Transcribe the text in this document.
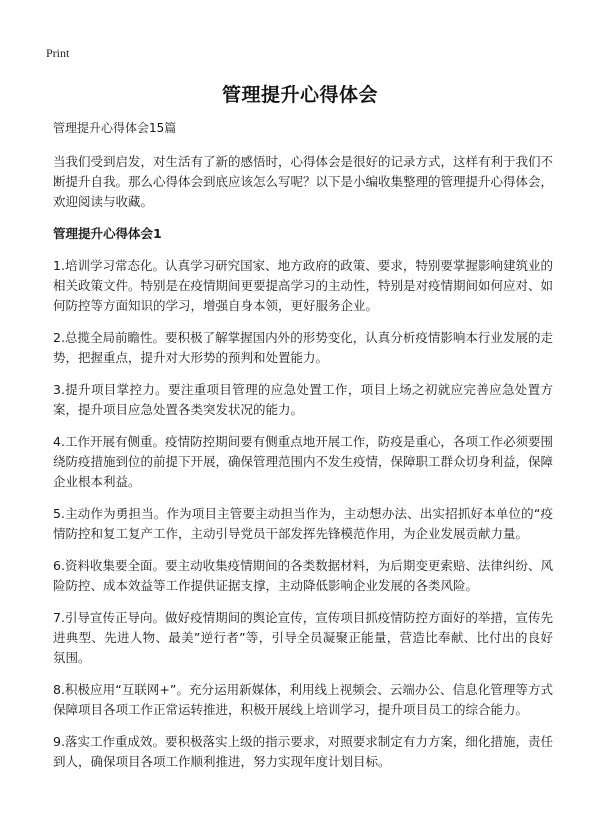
Print
管理提升心得体会

管理提升心得体会15篇

当我们受到启发，对生活有了新的感悟时，心得体会是很好的记录方式，这样有利于我们不断提升自我。那么心得体会到底应该怎么写呢？以下是小编收集整理的管理提升心得体会，欢迎阅读与收藏。

管理提升心得体会1

1.培训学习常态化。认真学习研究国家、地方政府的政策、要求，特别要掌握影响建筑业的相关政策文件。特别是在疫情期间更要提高学习的主动性，特别是对疫情期间如何应对、如何防控等方面知识的学习，增强自身本领，更好服务企业。

2.总揽全局前瞻性。要积极了解掌握国内外的形势变化，认真分析疫情影响本行业发展的走势，把握重点，提升对大形势的预判和处置能力。

3.提升项目掌控力。要注重项目管理的应急处置工作，项目上场之初就应完善应急处置方案，提升项目应急处置各类突发状况的能力。

4.工作开展有侧重。疫情防控期间要有侧重点地开展工作，防疫是重心，各项工作必须要围绕防疫措施到位的前提下开展，确保管理范围内不发生疫情，保障职工群众切身利益，保障企业根本利益。

5.主动作为勇担当。作为项目主管要主动担当作为，主动想办法、出实招抓好本单位的“疫情防控和复工复产工作，主动引导党员干部发挥先锋模范作用，为企业发展贡献力量。

6.资料收集要全面。要主动收集疫情期间的各类数据材料，为后期变更索赔、法律纠纷、风险防控、成本效益等工作提供证据支撑，主动降低影响企业发展的各类风险。

7.引导宣传正导向。做好疫情期间的舆论宣传，宣传项目抓疫情防控方面好的举措，宣传先进典型、先进人物、最美”逆行者”等，引导全员凝聚正能量，营造比奉献、比付出的良好氛围。

8.积极应用“互联网+”。充分运用新媒体，利用线上视频会、云端办公、信息化管理等方式保障项目各项工作正常运转推进，积极开展线上培训学习，提升项目员工的综合能力。

9.落实工作重成效。要积极落实上级的指示要求，对照要求制定有力方案，细化措施，责任到人，确保项目各项工作顺利推进，努力实现年度计划目标。
